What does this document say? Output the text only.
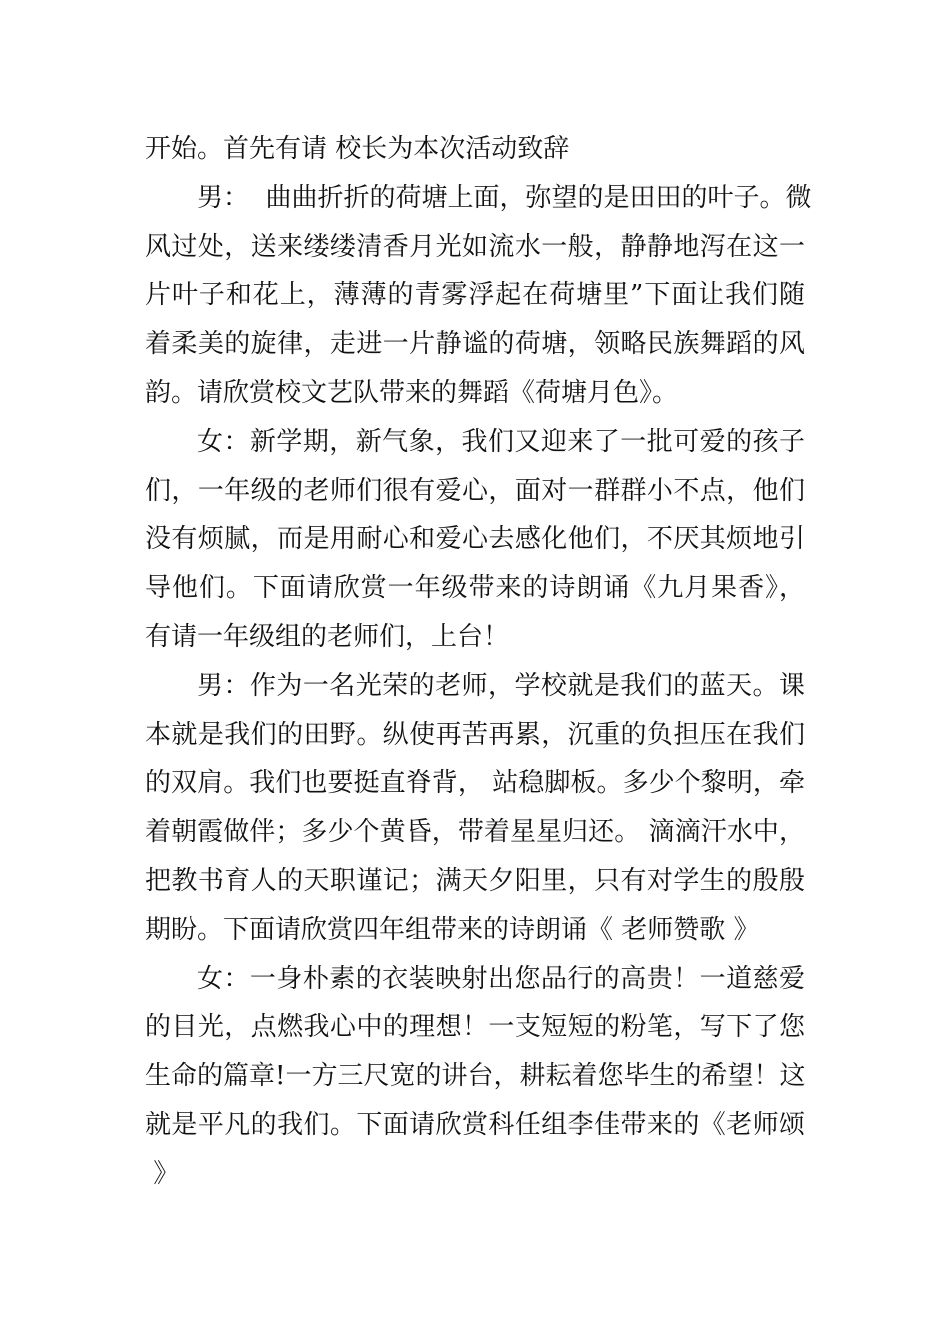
开始。首先有请 校长为本次活动致辞
男：  曲曲折折的荷塘上面，弥望的是田田的叶子。微
风过处，送来缕缕清香月光如流水一般，静静地泻在这一
片叶子和花上，薄薄的青雾浮起在荷塘里”下面让我们随
着柔美的旋律，走进一片静谧的荷塘，领略民族舞蹈的风
韵。请欣赏校文艺队带来的舞蹈《荷塘月色》。
女：新学期，新气象，我们又迎来了一批可爱的孩子
们，一年级的老师们很有爱心，面对一群群小不点，他们
没有烦腻，而是用耐心和爱心去感化他们，不厌其烦地引
导他们。下面请欣赏一年级带来的诗朗诵《九月果香》，
有请一年级组的老师们，上台！
男：作为一名光荣的老师，学校就是我们的蓝天。课
本就是我们的田野。纵使再苦再累，沉重的负担压在我们
的双肩。我们也要挺直脊背， 站稳脚板。多少个黎明，牵
着朝霞做伴；多少个黄昏，带着星星归还。 滴滴汗水中，
把教书育人的天职谨记；满天夕阳里，只有对学生的殷殷
期盼。下面请欣赏四年组带来的诗朗诵《 老师赞歌 》
女：一身朴素的衣装映射出您品行的高贵！一道慈爱
的目光，点燃我心中的理想！一支短短的粉笔，写下了您
生命的篇章!一方三尺宽的讲台，耕耘着您毕生的希望！这
就是平凡的我们。下面请欣赏科任组李佳带来的《老师颂
》
